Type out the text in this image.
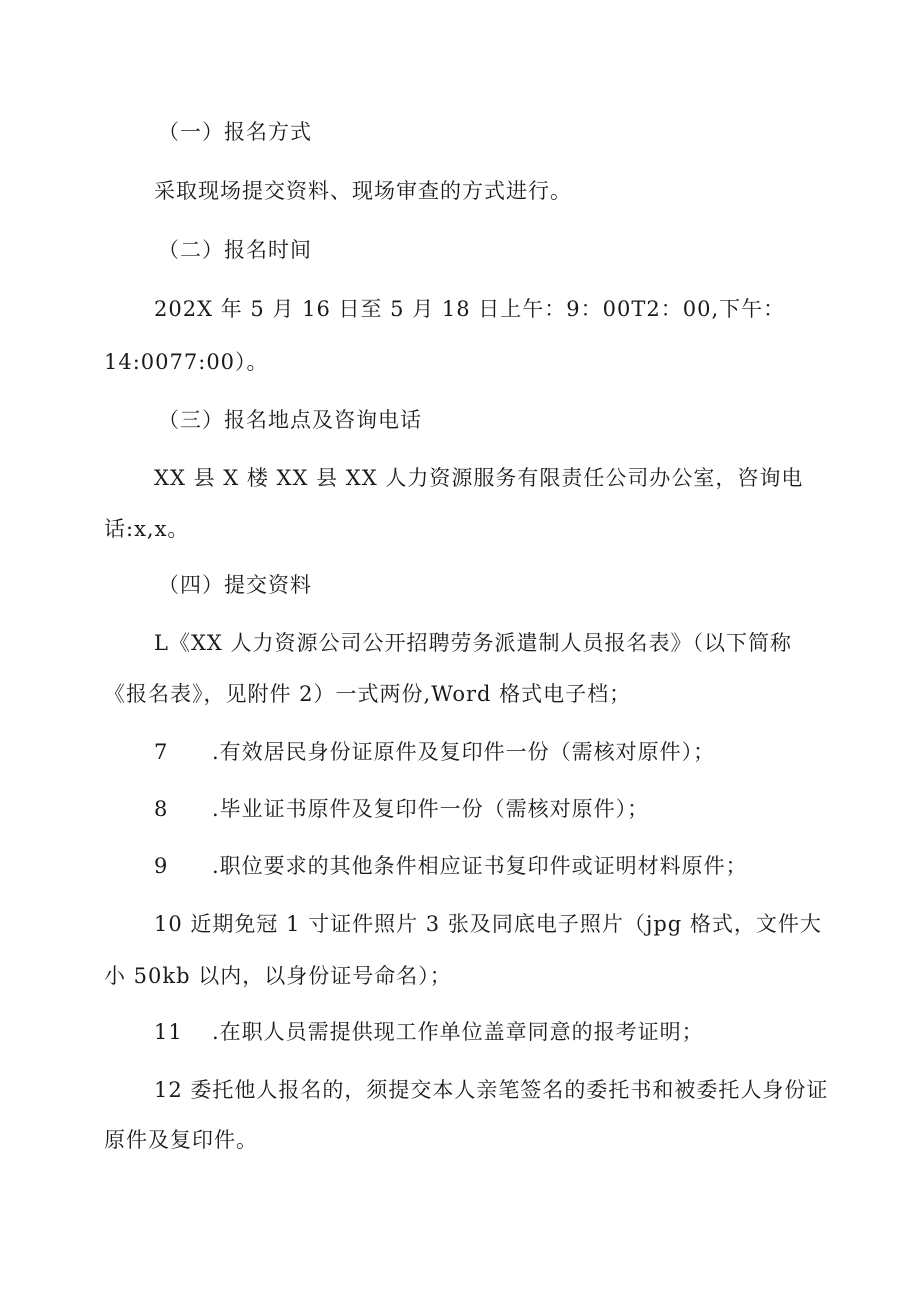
（一）报名方式
采取现场提交资料、现场审查的方式进行。
（二）报名时间
202X 年 5 月 16 日至 5 月 18 日上午：9：00T2：00,下午：
14:0077:00）。
（三）报名地点及咨询电话
XX 县 X 楼 XX 县 XX 人力资源服务有限责任公司办公室，咨询电
话:x,x。
（四）提交资料
L《XX 人力资源公司公开招聘劳务派遣制人员报名表》（以下简称
《报名表》，见附件 2）一式两份,Word 格式电子档；
7 .有效居民身份证原件及复印件一份（需核对原件）；
8 .毕业证书原件及复印件一份（需核对原件）；
9 .职位要求的其他条件相应证书复印件或证明材料原件；
10 近期免冠 1 寸证件照片 3 张及同底电子照片（jpg 格式，文件大
小 50kb 以内，以身份证号命名）；
11 .在职人员需提供现工作单位盖章同意的报考证明；
12 委托他人报名的，须提交本人亲笔签名的委托书和被委托人身份证
原件及复印件。
